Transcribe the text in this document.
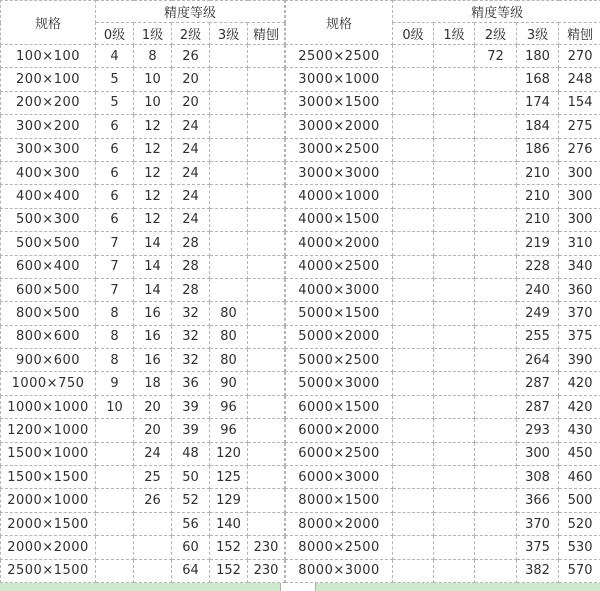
规格	精度等级				
	0级	1级	2级	3级	精刨
100×100	4	8	26		
200×100	5	10	20		
200×200	5	10	20		
300×200	6	12	24		
300×300	6	12	24		
400×300	6	12	24		
400×400	6	12	24		
500×300	6	12	24		
500×500	7	14	28		
600×400	7	14	28		
600×500	7	14	28		
800×500	8	16	32	80	
800×600	8	16	32	80	
900×600	8	16	32	80	
1000×750	9	18	36	90	
1000×1000	10	20	39	96	
1200×1000		20	39	96	
1500×1000		24	48	120	
1500×1500		25	50	125	
2000×1000		26	52	129	
2000×1500			56	140	
2000×2000			60	152	230
2500×1500			64	152	230
规格	精度等级				
	0级	1级	2级	3级	精刨
2500×2500			72	180	270
3000×1000				168	248
3000×1500				174	154
3000×2000				184	275
3000×2500				186	276
3000×3000				210	300
4000×1000				210	300
4000×1500				210	300
4000×2000				219	310
4000×2500				228	340
4000×3000				240	360
5000×1500				249	370
5000×2000				255	375
5000×2500				264	390
5000×3000				287	420
6000×1500				287	420
6000×2000				293	430
6000×2500				300	450
6000×3000				308	460
8000×1500				366	500
8000×2000				370	520
8000×2500				375	530
8000×3000				382	570
